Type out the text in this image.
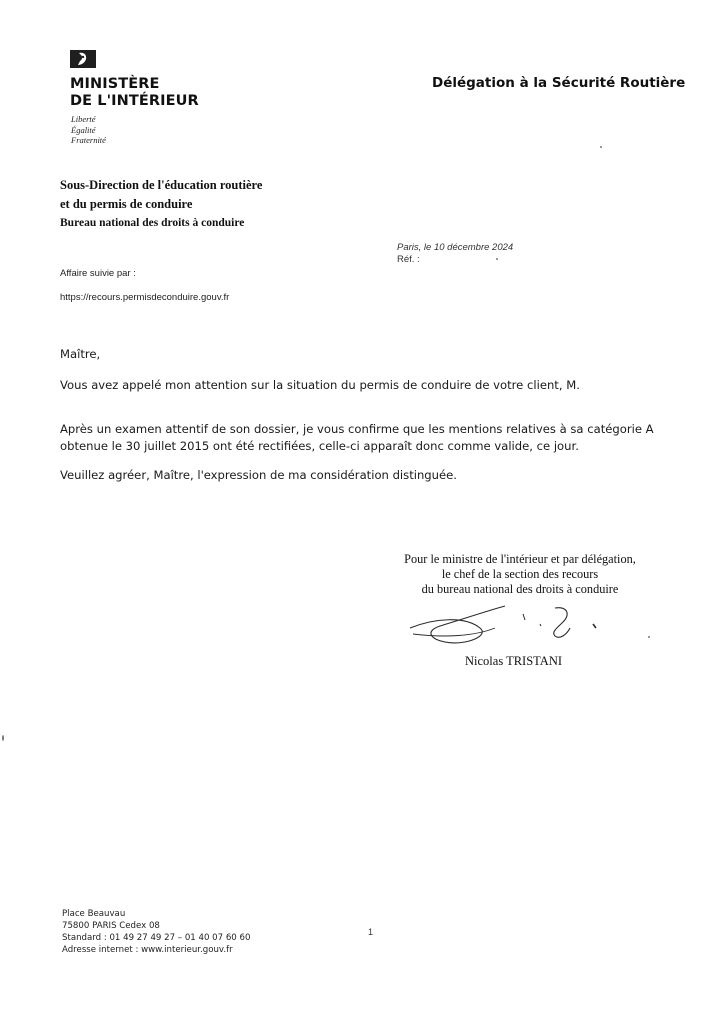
MINISTÈRE
DE L'INTÉRIEUR
Liberté
Égalité
Fraternité
Délégation à la Sécurité Routière
Sous-Direction de l'éducation routière
et du permis de conduire
Bureau national des droits à conduire
Paris, le 10 décembre 2024
Réf. :
Affaire suivie par :
https://recours.permisdeconduire.gouv.fr

Maître,

Vous avez appelé mon attention sur la situation du permis de conduire de votre client, M.

Après un examen attentif de son dossier, je vous confirme que les mentions relatives à sa catégorie A

obtenue le 30 juillet 2015 ont été rectifiées, celle-ci apparaît donc comme valide, ce jour.

Veuillez agréer, Maître, l'expression de ma considération distinguée.

Pour le ministre de l'intérieur et par délégation,
le chef de la section des recours
du bureau national des droits à conduire
Nicolas TRISTANI
Place Beauvau
75800 PARIS Cedex 08
Standard : 01 49 27 49 27 – 01 40 07 60 60
Adresse internet : www.interieur.gouv.fr
1
